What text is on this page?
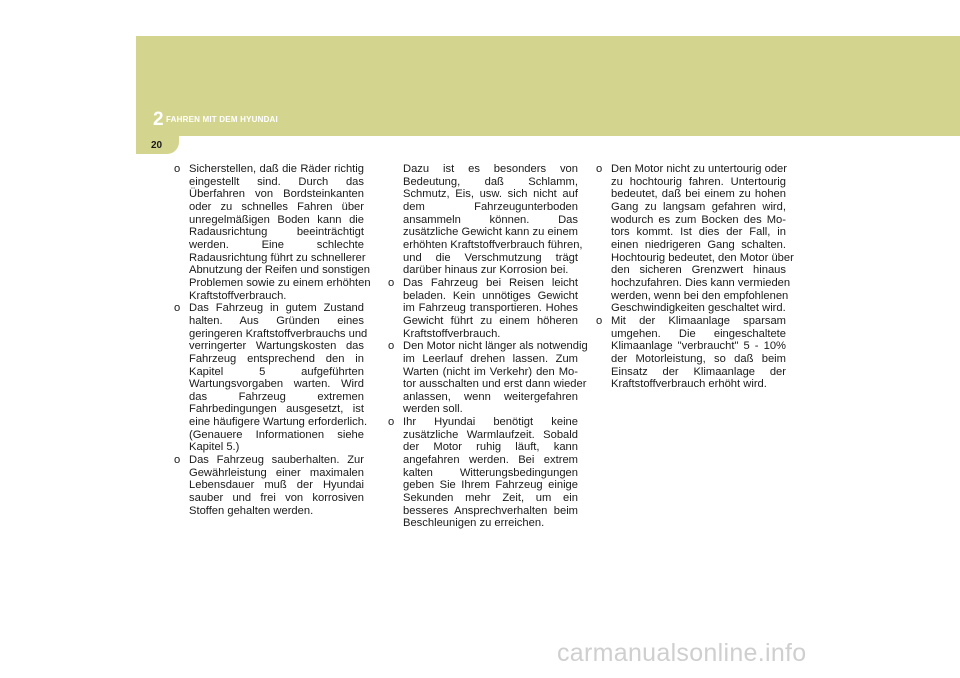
2 FAHREN MIT DEM HYUNDAI
20
o Sicherstellen, daß die Räder richtig
eingestellt sind. Durch das
Überfahren von Bordsteinkanten
oder zu schnelles Fahren über
unregelmäßigen Boden kann die
Radausrichtung beeinträchtigt
werden. Eine schlechte
Radausrichtung führt zu schnellerer
Abnutzung der Reifen und sonstigen
Problemen sowie zu einem erhöhten
Kraftstoffverbrauch.
o Das Fahrzeug in gutem Zustand
halten. Aus Gründen eines
geringeren Kraftstoffverbrauchs und
verringerter Wartungskosten das
Fahrzeug entsprechend den in
Kapitel 5 aufgeführten
Wartungsvorgaben warten. Wird
das Fahrzeug extremen
Fahrbedingungen ausgesetzt, ist
eine häufigere Wartung erforderlich.
(Genauere Informationen siehe
Kapitel 5.)
o Das Fahrzeug sauberhalten. Zur
Gewährleistung einer maximalen
Lebensdauer muß der Hyundai
sauber und frei von korrosiven
Stoffen gehalten werden.
Dazu ist es besonders von
Bedeutung, daß Schlamm,
Schmutz, Eis, usw. sich nicht auf
dem Fahrzeugunterboden
ansammeln können. Das
zusätzliche Gewicht kann zu einem
erhöhten Kraftstoffverbrauch führen,
und die Verschmutzung trägt
darüber hinaus zur Korrosion bei.
o Das Fahrzeug bei Reisen leicht
beladen. Kein unnötiges Gewicht
im Fahrzeug transportieren. Hohes
Gewicht führt zu einem höheren
Kraftstoffverbrauch.
o Den Motor nicht länger als notwendig
im Leerlauf drehen lassen. Zum
Warten (nicht im Verkehr) den Mo-
tor ausschalten und erst dann wieder
anlassen, wenn weitergefahren
werden soll.
o Ihr Hyundai benötigt keine
zusätzliche Warmlaufzeit. Sobald
der Motor ruhig läuft, kann
angefahren werden. Bei extrem
kalten Witterungsbedingungen
geben Sie Ihrem Fahrzeug einige
Sekunden mehr Zeit, um ein
besseres Ansprechverhalten beim
Beschleunigen zu erreichen.
o Den Motor nicht zu untertourig oder
zu hochtourig fahren. Untertourig
bedeutet, daß bei einem zu hohen
Gang zu langsam gefahren wird,
wodurch es zum Bocken des Mo-
tors kommt. Ist dies der Fall, in
einen niedrigeren Gang schalten.
Hochtourig bedeutet, den Motor über
den sicheren Grenzwert hinaus
hochzufahren. Dies kann vermieden
werden, wenn bei den empfohlenen
Geschwindigkeiten geschaltet wird.
o Mit der Klimaanlage sparsam
umgehen. Die eingeschaltete
Klimaanlage "verbraucht" 5 - 10%
der Motorleistung, so daß beim
Einsatz der Klimaanlage der
Kraftstoffverbrauch erhöht wird.
carmanualsonline.info
